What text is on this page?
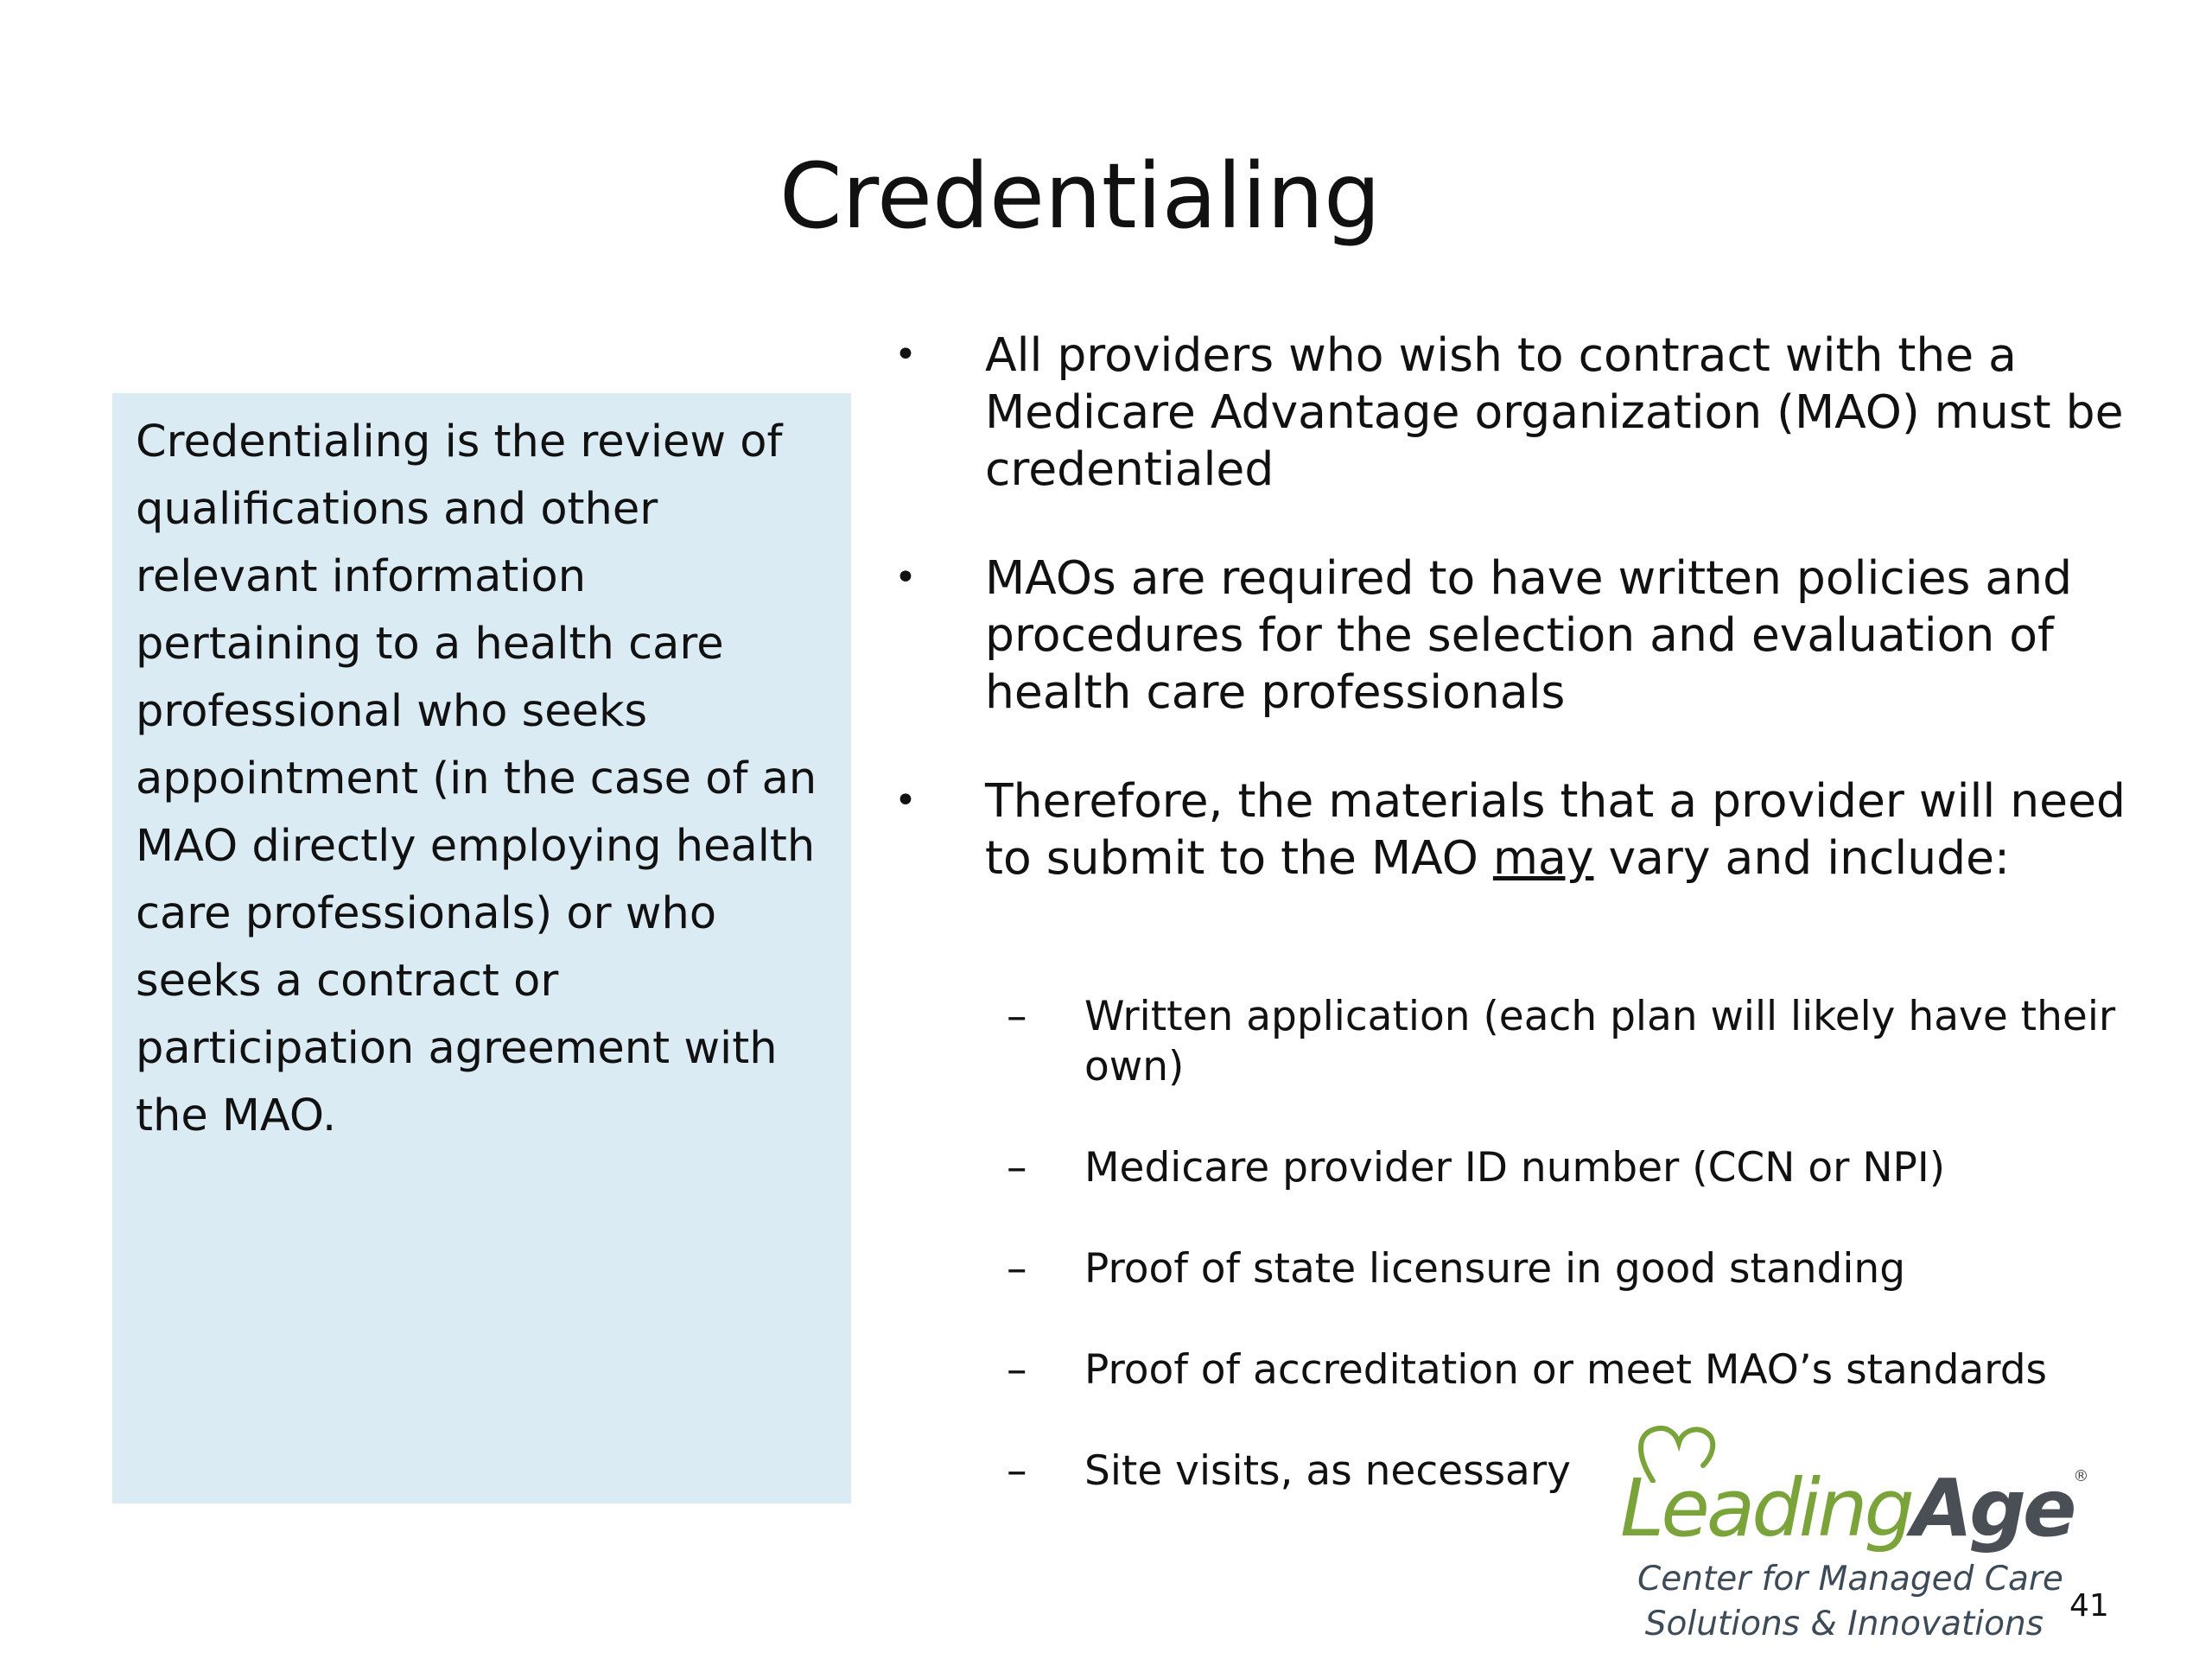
Credentialing

Credentialing is the review of qualifications and other relevant information pertaining to a health care professional who seeks appointment (in the case of an MAO directly employing health care professionals) or who seeks a contract or participation agreement with the MAO.

• All providers who wish to contract with the a Medicare Advantage organization (MAO) must be credentialed
• MAOs are required to have written policies and procedures for the selection and evaluation of health care professionals
• Therefore, the materials that a provider will need to submit to the MAO may vary and include:
– Written application (each plan will likely have their own)
– Medicare provider ID number (CCN or NPI)
– Proof of state licensure in good standing
– Proof of accreditation or meet MAO’s standards
– Site visits, as necessary LeadingAge®
Center for Managed Care
Solutions & Innovations 41
